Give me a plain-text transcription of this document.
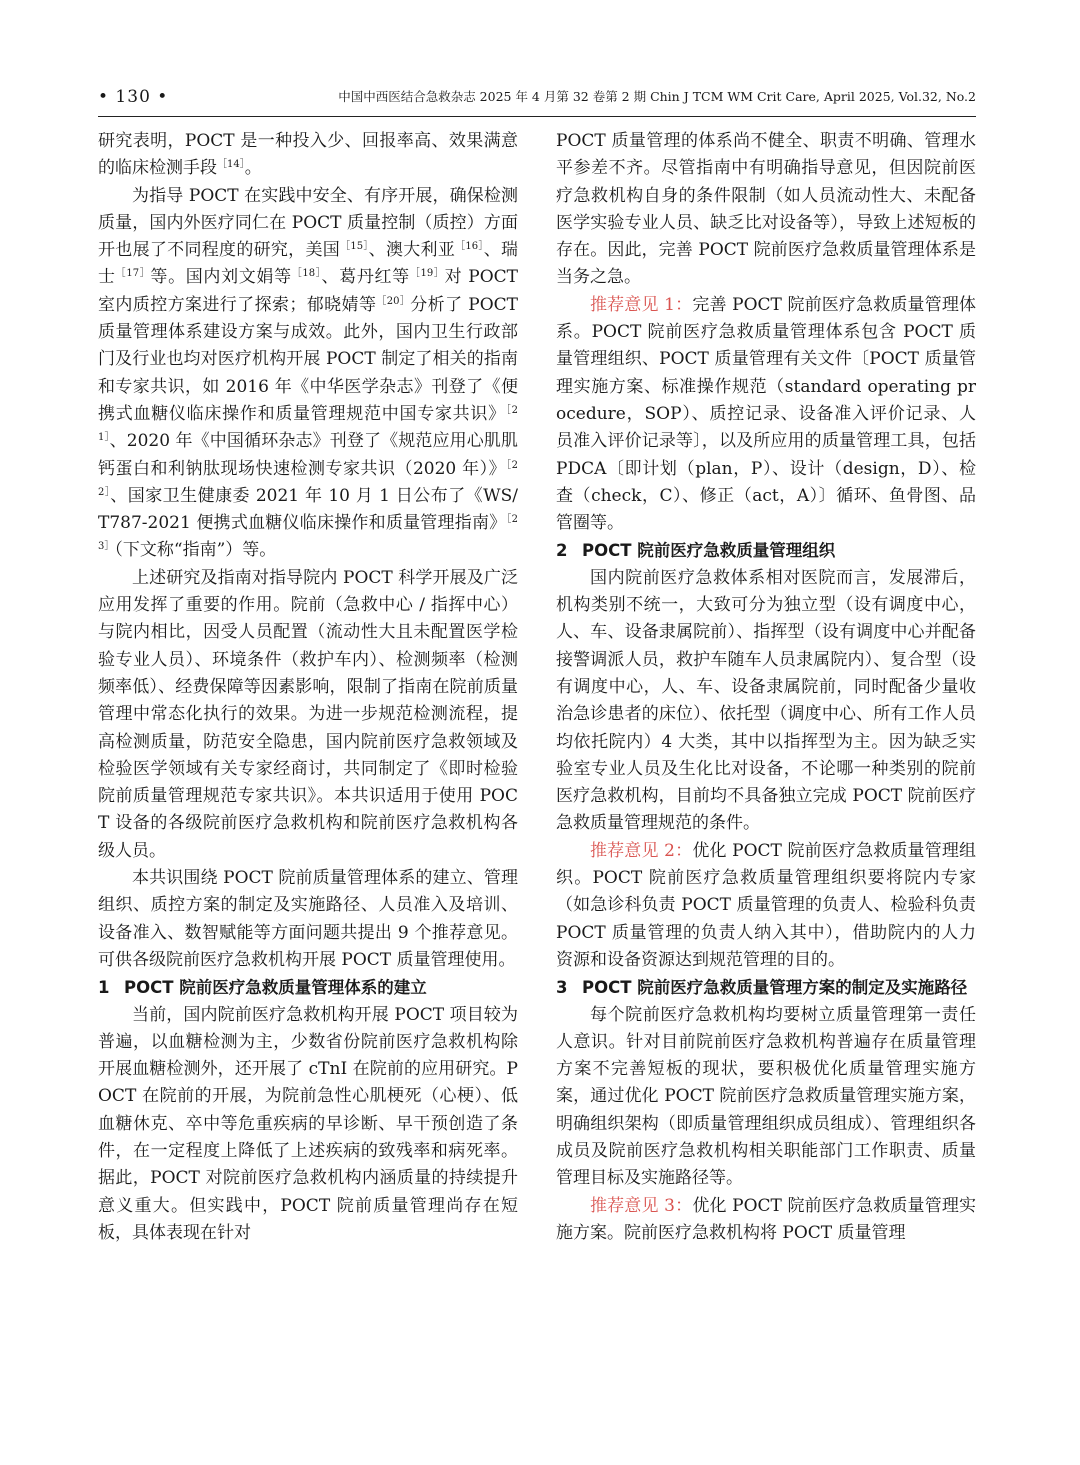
• 130 •	中国中西医结合急救杂志 2025 年 4 月第 32 卷第 2 期 Chin J TCM WM Crit Care, April 2025, Vol.32, No.2

研究表明，POCT 是一种投入少、回报率高、效果满意的临床检测手段$^{[14]}$。

为指导 POCT 在实践中安全、有序开展，确保检测质量，国内外医疗同仁在 POCT 质量控制（质控）方面开也展了不同程度的研究，美国$^{[15]}$、澳大利亚$^{[16]}$、瑞士$^{[17]}$等。国内刘文娟等$^{[18]}$、葛丹红等$^{[19]}$对 POCT 室内质控方案进行了探索；郁晓婧等$^{[20]}$分析了 POCT 质量管理体系建设方案与成效。此外，国内卫生行政部门及行业也均对医疗机构开展 POCT 制定了相关的指南和专家共识，如 2016 年《中华医学杂志》刊登了《便携式血糖仪临床操作和质量管理规范中国专家共识》$^{[21]}$、2020 年《中国循环杂志》刊登了《规范应用心肌肌钙蛋白和利钠肽现场快速检测专家共识（2020 年）》$^{[22]}$、国家卫生健康委 2021 年 10 月 1 日公布了《WS/T787-2021 便携式血糖仪临床操作和质量管理指南》$^{[23]}$（下文称“指南”）等。

上述研究及指南对指导院内 POCT 科学开展及广泛应用发挥了重要的作用。院前（急救中心 / 指挥中心）与院内相比，因受人员配置（流动性大且未配置医学检验专业人员）、环境条件（救护车内）、检测频率（检测频率低）、经费保障等因素影响，限制了指南在院前质量管理中常态化执行的效果。为进一步规范检测流程，提高检测质量，防范安全隐患，国内院前医疗急救领域及检验医学领域有关专家经商讨，共同制定了《即时检验院前质量管理规范专家共识》。本共识适用于使用 POCT 设备的各级院前医疗急救机构和院前医疗急救机构各级人员。

本共识围绕 POCT 院前质量管理体系的建立、管理组织、质控方案的制定及实施路径、人员准入及培训、设备准入、数智赋能等方面问题共提出 9 个推荐意见。可供各级院前医疗急救机构开展 POCT 质量管理使用。

1 POCT 院前医疗急救质量管理体系的建立

当前，国内院前医疗急救机构开展 POCT 项目较为普遍，以血糖检测为主，少数省份院前医疗急救机构除开展血糖检测外，还开展了 cTnI 在院前的应用研究。POCT 在院前的开展，为院前急性心肌梗死（心梗）、低血糖休克、卒中等危重疾病的早诊断、早干预创造了条件，在一定程度上降低了上述疾病的致残率和病死率。据此，POCT 对院前医疗急救机构内涵质量的持续提升意义重大。但实践中，POCT 院前质量管理尚存在短板，具体表现在针对

POCT 质量管理的体系尚不健全、职责不明确、管理水平参差不齐。尽管指南中有明确指导意见，但因院前医疗急救机构自身的条件限制（如人员流动性大、未配备医学实验专业人员、缺乏比对设备等），导致上述短板的存在。因此，完善 POCT 院前医疗急救质量管理体系是当务之急。

推荐意见 1：完善 POCT 院前医疗急救质量管理体系。POCT 院前医疗急救质量管理体系包含 POCT 质量管理组织、POCT 质量管理有关文件〔POCT 质量管理实施方案、标准操作规范（standard operating procedure，SOP）、质控记录、设备准入评价记录、人员准入评价记录等〕，以及所应用的质量管理工具，包括 PDCA〔即计划（plan，P）、设计（design，D）、检查（check，C）、修正（act，A）〕循环、鱼骨图、品管圈等。

2 POCT 院前医疗急救质量管理组织

国内院前医疗急救体系相对医院而言，发展滞后，机构类别不统一，大致可分为独立型（设有调度中心，人、车、设备隶属院前）、指挥型（设有调度中心并配备接警调派人员，救护车随车人员隶属院内）、复合型（设有调度中心，人、车、设备隶属院前，同时配备少量收治急诊患者的床位）、依托型（调度中心、所有工作人员均依托院内）4 大类，其中以指挥型为主。因为缺乏实验室专业人员及生化比对设备，不论哪一种类别的院前医疗急救机构，目前均不具备独立完成 POCT 院前医疗急救质量管理规范的条件。

推荐意见 2：优化 POCT 院前医疗急救质量管理组织。POCT 院前医疗急救质量管理组织要将院内专家（如急诊科负责 POCT 质量管理的负责人、检验科负责 POCT 质量管理的负责人纳入其中），借助院内的人力资源和设备资源达到规范管理的目的。

3 POCT 院前医疗急救质量管理方案的制定及实施路径

每个院前医疗急救机构均要树立质量管理第一责任人意识。针对目前院前医疗急救机构普遍存在质量管理方案不完善短板的现状，要积极优化质量管理实施方案，通过优化 POCT 院前医疗急救质量管理实施方案，明确组织架构（即质量管理组织成员组成）、管理组织各成员及院前医疗急救机构相关职能部门工作职责、质量管理目标及实施路径等。

推荐意见 3：优化 POCT 院前医疗急救质量管理实施方案。院前医疗急救机构将 POCT 质量管理
